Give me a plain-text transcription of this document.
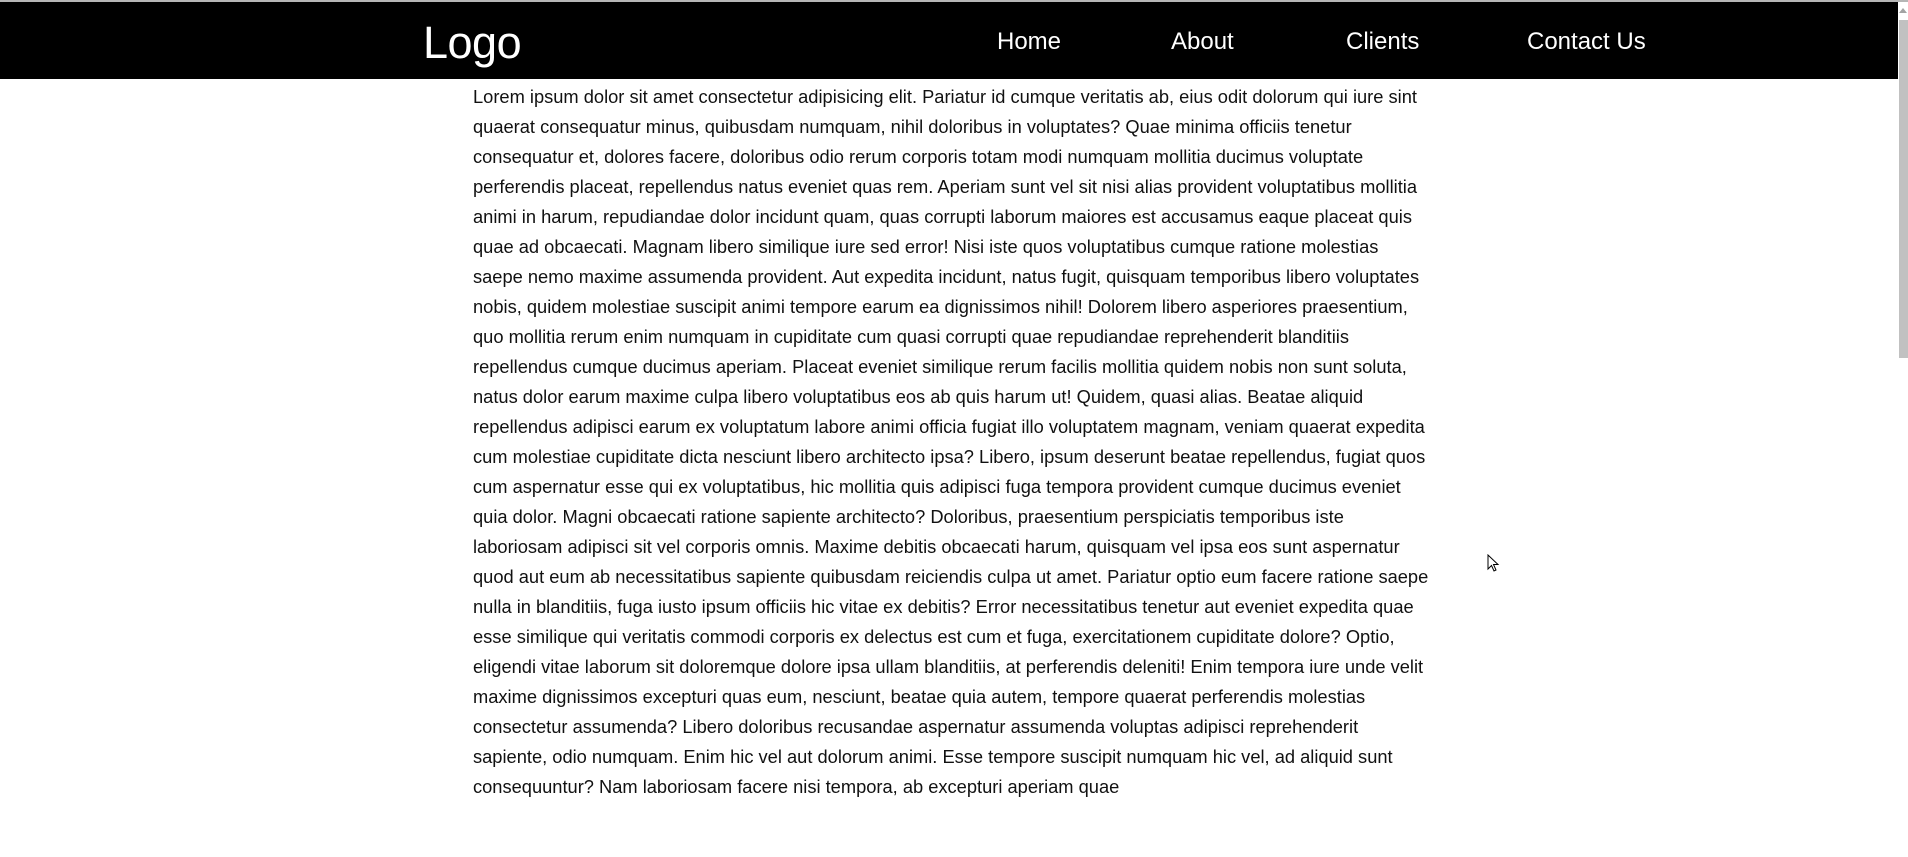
Logo	Home	About	Clients	Contact Us

Lorem ipsum dolor sit amet consectetur adipisicing elit. Pariatur id cumque veritatis ab, eius odit dolorum qui iure sint quaerat consequatur minus, quibusdam numquam, nihil doloribus in voluptates? Quae minima officiis tenetur consequatur et, dolores facere, doloribus odio rerum corporis totam modi numquam mollitia ducimus voluptate perferendis placeat, repellendus natus eveniet quas rem. Aperiam sunt vel sit nisi alias provident voluptatibus mollitia animi in harum, repudiandae dolor incidunt quam, quas corrupti laborum maiores est accusamus eaque placeat quis quae ad obcaecati. Magnam libero similique iure sed error! Nisi iste quos voluptatibus cumque ratione molestias saepe nemo maxime assumenda provident. Aut expedita incidunt, natus fugit, quisquam temporibus libero voluptates nobis, quidem molestiae suscipit animi tempore earum ea dignissimos nihil! Dolorem libero asperiores praesentium, quo mollitia rerum enim numquam in cupiditate cum quasi corrupti quae repudiandae reprehenderit blanditiis repellendus cumque ducimus aperiam. Placeat eveniet similique rerum facilis mollitia quidem nobis non sunt soluta, natus dolor earum maxime culpa libero voluptatibus eos ab quis harum ut! Quidem, quasi alias. Beatae aliquid repellendus adipisci earum ex voluptatum labore animi officia fugiat illo voluptatem magnam, veniam quaerat expedita cum molestiae cupiditate dicta nesciunt libero architecto ipsa? Libero, ipsum deserunt beatae repellendus, fugiat quos cum aspernatur esse qui ex voluptatibus, hic mollitia quis adipisci fuga tempora provident cumque ducimus eveniet quia dolor. Magni obcaecati ratione sapiente architecto? Doloribus, praesentium perspiciatis temporibus iste laboriosam adipisci sit vel corporis omnis. Maxime debitis obcaecati harum, quisquam vel ipsa eos sunt aspernatur quod aut eum ab necessitatibus sapiente quibusdam reiciendis culpa ut amet. Pariatur optio eum facere ratione saepe nulla in blanditiis, fuga iusto ipsum officiis hic vitae ex debitis? Error necessitatibus tenetur aut eveniet expedita quae esse similique qui veritatis commodi corporis ex delectus est cum et fuga, exercitationem cupiditate dolore? Optio, eligendi vitae laborum sit doloremque dolore ipsa ullam blanditiis, at perferendis deleniti! Enim tempora iure unde velit maxime dignissimos excepturi quas eum, nesciunt, beatae quia autem, tempore quaerat perferendis molestias consectetur assumenda? Libero doloribus recusandae aspernatur assumenda voluptas adipisci reprehenderit sapiente, odio numquam. Enim hic vel aut dolorum animi. Esse tempore suscipit numquam hic vel, ad aliquid sunt consequuntur? Nam laboriosam facere nisi tempora, ab excepturi aperiam quae
